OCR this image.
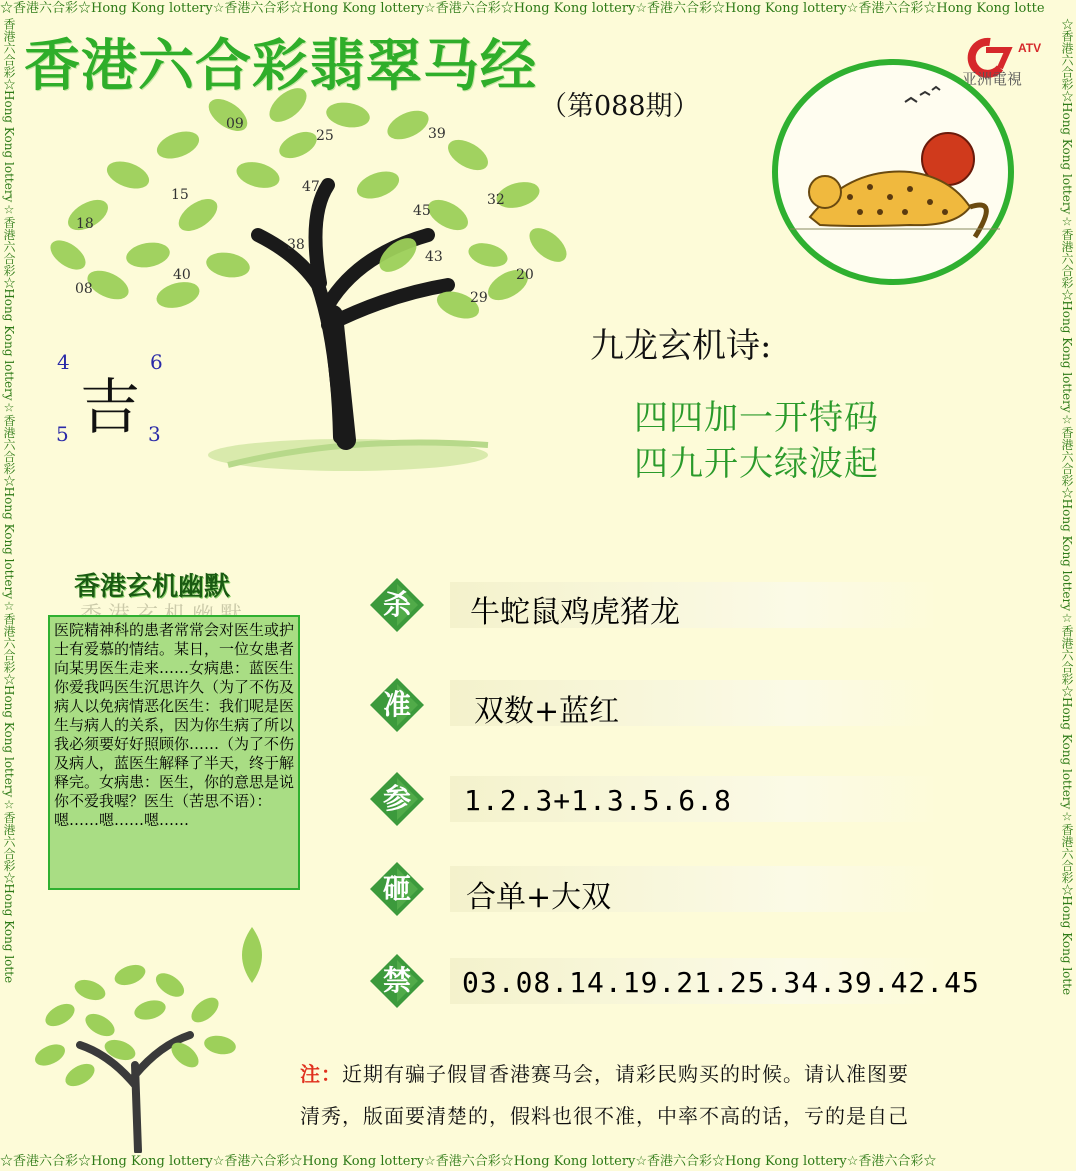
☆香港六合彩☆Hong Kong lottery☆香港六合彩☆Hong Kong lottery☆香港六合彩☆Hong Kong lottery☆香港六合彩☆Hong Kong lottery☆香港六合彩☆Hong Kong lotte
☆香港六合彩☆Hong Kong lottery☆香港六合彩☆Hong Kong lottery☆香港六合彩☆Hong Kong lottery☆香港六合彩☆Hong Kong lottery☆香港六合彩☆
香港六合彩☆Hong Kong lottery☆香港六合彩☆Hong Kong lottery☆香港六合彩☆Hong Kong lottery☆香港六合彩☆Hong Kong lottery☆香港六合彩☆Hong Kong lotte	☆香港六合彩☆Hong Kong lottery☆香港六合彩☆Hong Kong lottery☆香港六合彩☆Hong Kong lottery☆香港六合彩☆Hong Kong lottery☆香港六合彩☆Hong Kong lotte
香港六合彩翡翠马经
（第088期）
ATV
亚洲電視
09
25	39
47
15
18
45
32
38
43
40	20
08
29
吉
4	6
5	3
九龙玄机诗:
四四加一开特码
四九开大绿波起
香港玄机幽默
医院精神科的患者常常会对医生或护士有爱慕的情结。某日，一位女患者向某男医生走来……女病患：蓝医生你爱我吗医生沉思许久（为了不伤及病人以免病情恶化医生：我们呢是医生与病人的关系，因为你生病了所以我必须要好好照顾你……（为了不伤及病人，蓝医生解释了半天，终于解释完。女病患：医生，你的意思是说你不爱我喔？医生（苦思不语）：嗯……嗯……嗯……
杀
准
参
砸
禁
牛蛇鼠鸡虎猪龙
双数+蓝红
1.2.3+1.3.5.6.8
合单+大双
03.08.14.19.21.25.34.39.42.45
注：近期有骗子假冒香港赛马会，请彩民购买的时候。请认准图要
清秀，版面要清楚的，假料也很不准，中率不高的话，亏的是自己
